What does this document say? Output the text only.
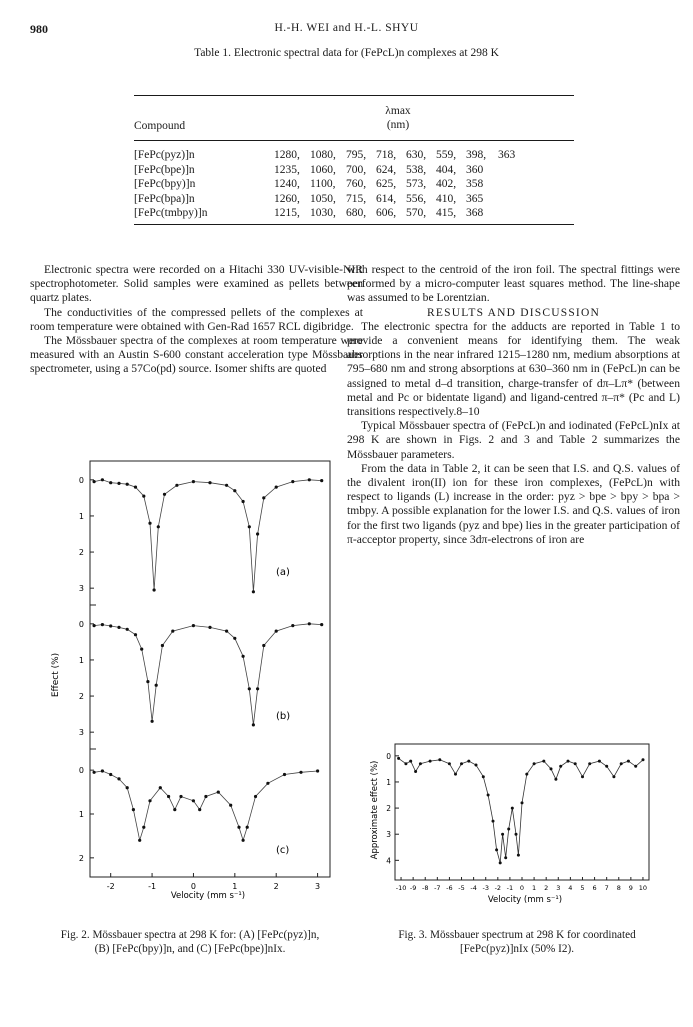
980	H.-H. WEI and H.-L. SHYU
Table 1. Electronic spectral data for (FePcL)n complexes at 298 K
λmax
(nm)
Compound
[FePc(pyz)]n	1280, 1080, 795, 718, 630, 559, 398, 363
[FePc(bpe)]n	1235, 1060, 700, 624, 538, 404, 360
[FePc(bpy)]n	1240, 1100, 760, 625, 573, 402, 358
[FePc(bpa)]n	1260, 1050, 715, 614, 556, 410, 365
[FePc(tmbpy)]n	1215, 1030, 680, 606, 570, 415, 368

Electronic spectra were recorded on a Hitachi 330 UV-visible-NIR spectrophotometer. Solid samples were examined as pellets between quartz plates.

The conductivities of the compressed pellets of the complexes at room temperature were obtained with Gen-Rad 1657 RCL digibridge.

The Mössbauer spectra of the complexes at room temperature were measured with an Austin S-600 constant acceleration type Mössbauer spectrometer, using a 57Co(pd) source. Isomer shifts are quoted

with respect to the centroid of the iron foil. The spectral fittings were performed by a micro-computer least squares method. The line-shape was assumed to be Lorentzian.

RESULTS AND DISCUSSION

The electronic spectra for the adducts are reported in Table 1 to provide a convenient means for identifying them. The weak absorptions in the near infrared 1215–1280 nm, medium absorptions at 795–680 nm and strong absorptions at 630–360 nm in (FePcL)n can be assigned to metal d–d transition, charge-transfer of dπ–Lπ* (between metal and Pc or bidentate ligand) and ligand-centred π–π* (Pc and L) transitions respectively.8–10

Typical Mössbauer spectra of (FePcL)n and iodinated (FePcL)nIx at 298 K are shown in Figs. 2 and 3 and Table 2 summarizes the Mössbauer parameters.

From the data in Table 2, it can be seen that I.S. and Q.S. values of the divalent iron(II) ion for these iron complexes, (FePcL)n with respect to ligands (L) increase in the order: pyz > bpe > bpy > bpa > tmbpy. A possible explanation for the lower I.S. and Q.S. values of iron for the first two ligands (pyz and bpe) lies in the greater participation of π-acceptor property, since 3dπ-electrons of iron are

0
1
2
3
(a)
0
1
2
3
(b)
0
1
2
(c)
-2	-1	0	1	2	3
Effect (%)
Velocity (mm s⁻¹)
Fig. 2. Mössbauer spectra at 298 K for: (A) [FePc(pyz)]n,
(B) [FePc(bpy)]n, and (C) [FePc(bpe)]nIx.
0
1
2
3
4
-10 -9 -8 -7 -6 -5 -4 -3 -2 -1 0 1 2 3 4 5 6 7 8 9 10
Approximate effect (%)
Velocity (mm s⁻¹)
Fig. 3. Mössbauer spectrum at 298 K for coordinated
[FePc(pyz)]nIx (50% I2).
